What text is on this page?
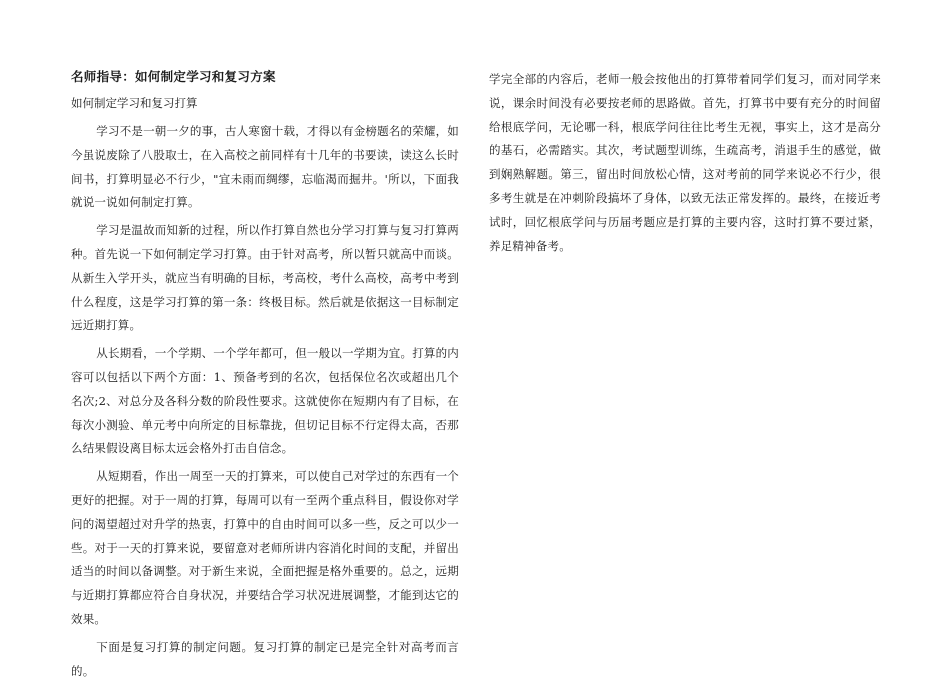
名师指导：如何制定学习和复习方案
如何制定学习和复习打算

学习不是一朝一夕的事，古人寒窗十载，才得以有金榜题名的荣耀，如今虽说废除了八股取士，在入高校之前同样有十几年的书要读，读这么长时间书，打算明显必不行少，"宜未雨而绸缪，忘临渴而掘井。'所以，下面我就说一说如何制定打算。

学习是温故而知新的过程，所以作打算自然也分学习打算与复习打算两种。首先说一下如何制定学习打算。由于针对高考，所以暂只就高中而谈。从新生入学开头，就应当有明确的目标，考高校，考什么高校，高考中考到什么程度，这是学习打算的第一条：终极目标。然后就是依据这一目标制定远近期打算。

从长期看，一个学期、一个学年都可，但一般以一学期为宜。打算的内容可以包括以下两个方面：1、预备考到的名次，包括保位名次或超出几个名次;2、对总分及各科分数的阶段性要求。这就使你在短期内有了目标，在每次小测验、单元考中向所定的目标靠拢，但切记目标不行定得太高，否那么结果假设离目标太远会格外打击自信念。

从短期看，作出一周至一天的打算来，可以使自己对学过的东西有一个更好的把握。对于一周的打算，每周可以有一至两个重点科目，假设你对学问的渴望超过对升学的热衷，打算中的自由时间可以多一些，反之可以少一些。对于一天的打算来说，要留意对老师所讲内容消化时间的支配，并留出适当的时间以备调整。对于新生来说，全面把握是格外重要的。总之，远期与近期打算都应符合自身状况，并要结合学习状况进展调整，才能到达它的效果。

下面是复习打算的制定问题。复习打算的制定已是完全针对高考而言的。

学完全部的内容后，老师一般会按他出的打算带着同学们复习，而对同学来说，课余时间没有必要按老师的思路做。首先，打算书中要有充分的时间留给根底学问，无论哪一科，根底学问往往比考生无视，事实上，这才是高分的基石，必需踏实。其次，考试题型训练，生疏高考，消退手生的感觉，做到娴熟解题。第三，留出时间放松心情，这对考前的同学来说必不行少，很多考生就是在冲刺阶段搞坏了身体，以致无法正常发挥的。最终，在接近考试时，回忆根底学问与历届考题应是打算的主要内容，这时打算不要过紧，养足精神备考。
